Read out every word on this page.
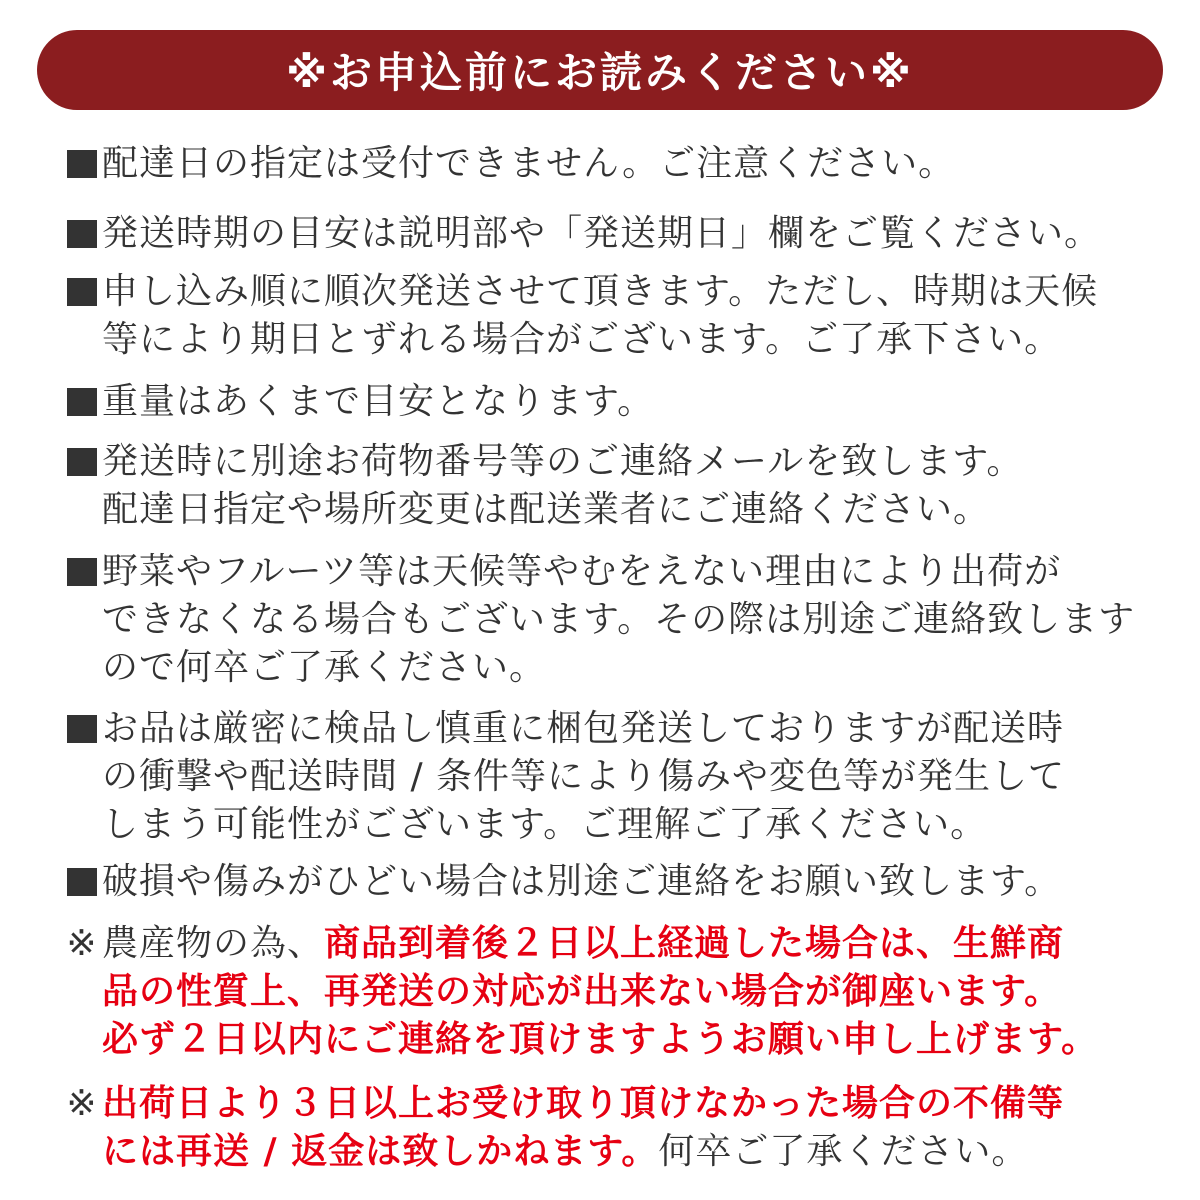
※お申込前にお読みください※
配達日の指定は受付できません。ご注意ください。
発送時期の目安は説明部や「発送期日」欄をご覧ください。
申し込み順に順次発送させて頂きます。ただし、時期は天候
等により期日とずれる場合がございます。ご了承下さい。
重量はあくまで目安となります。
発送時に別途お荷物番号等のご連絡メールを致します。
配達日指定や場所変更は配送業者にご連絡ください。
野菜やフルーツ等は天候等やむをえない理由により出荷が
できなくなる場合もございます。その際は別途ご連絡致します
ので何卒ご了承ください。
お品は厳密に検品し慎重に梱包発送しておりますが配送時
の衝撃や配送時間 / 条件等により傷みや変色等が発生して
しまう可能性がございます。ご理解ご了承ください。
破損や傷みがひどい場合は別途ご連絡をお願い致します。
※ 農産物の為、商品到着後２日以上経過した場合は、生鮮商
品の性質上、再発送の対応が出来ない場合が御座います。
必ず２日以内にご連絡を頂けますようお願い申し上げます。
※ 出荷日より３日以上お受け取り頂けなかった場合の不備等
には再送 / 返金は致しかねます。何卒ご了承ください。
